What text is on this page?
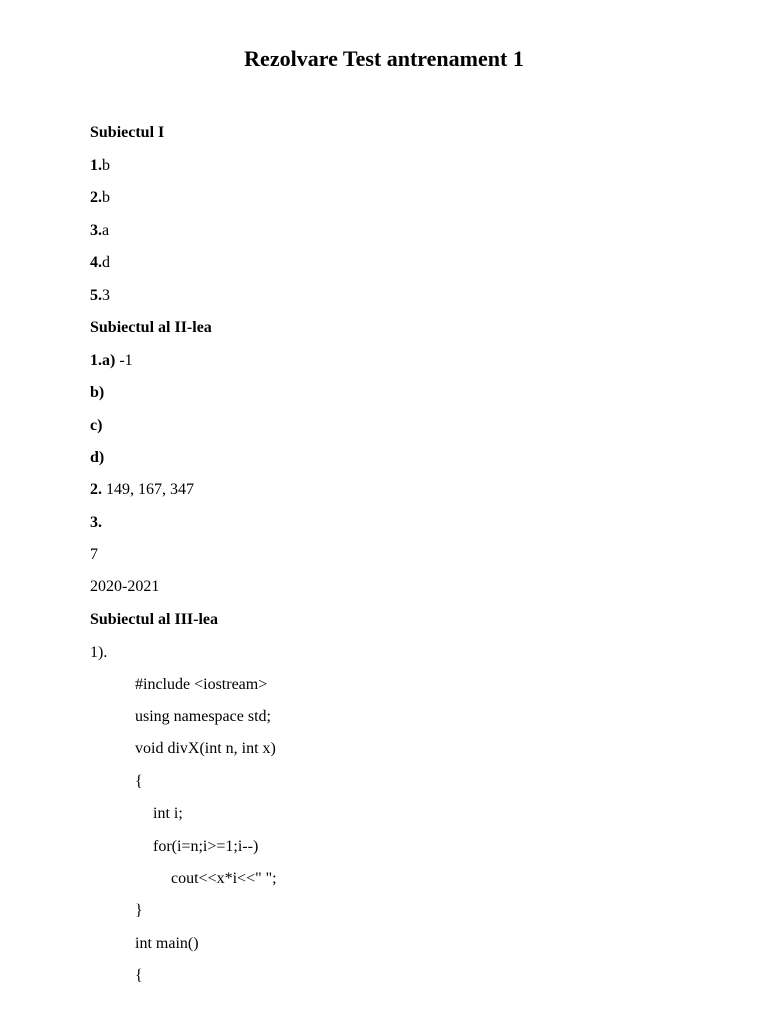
Rezolvare Test antrenament 1
Subiectul I
1.b
2.b
3.a
4.d
5.3
Subiectul al II-lea
1.a) -1
b)
c)
d)
2. 149, 167, 347
3.
7
2020-2021
Subiectul al III-lea
1).
#include <iostream>
using namespace std;
void divX(int n, int x)
{
int i;
for(i=n;i>=1;i--)
cout<<x*i<<" ";
}
int main()
{
